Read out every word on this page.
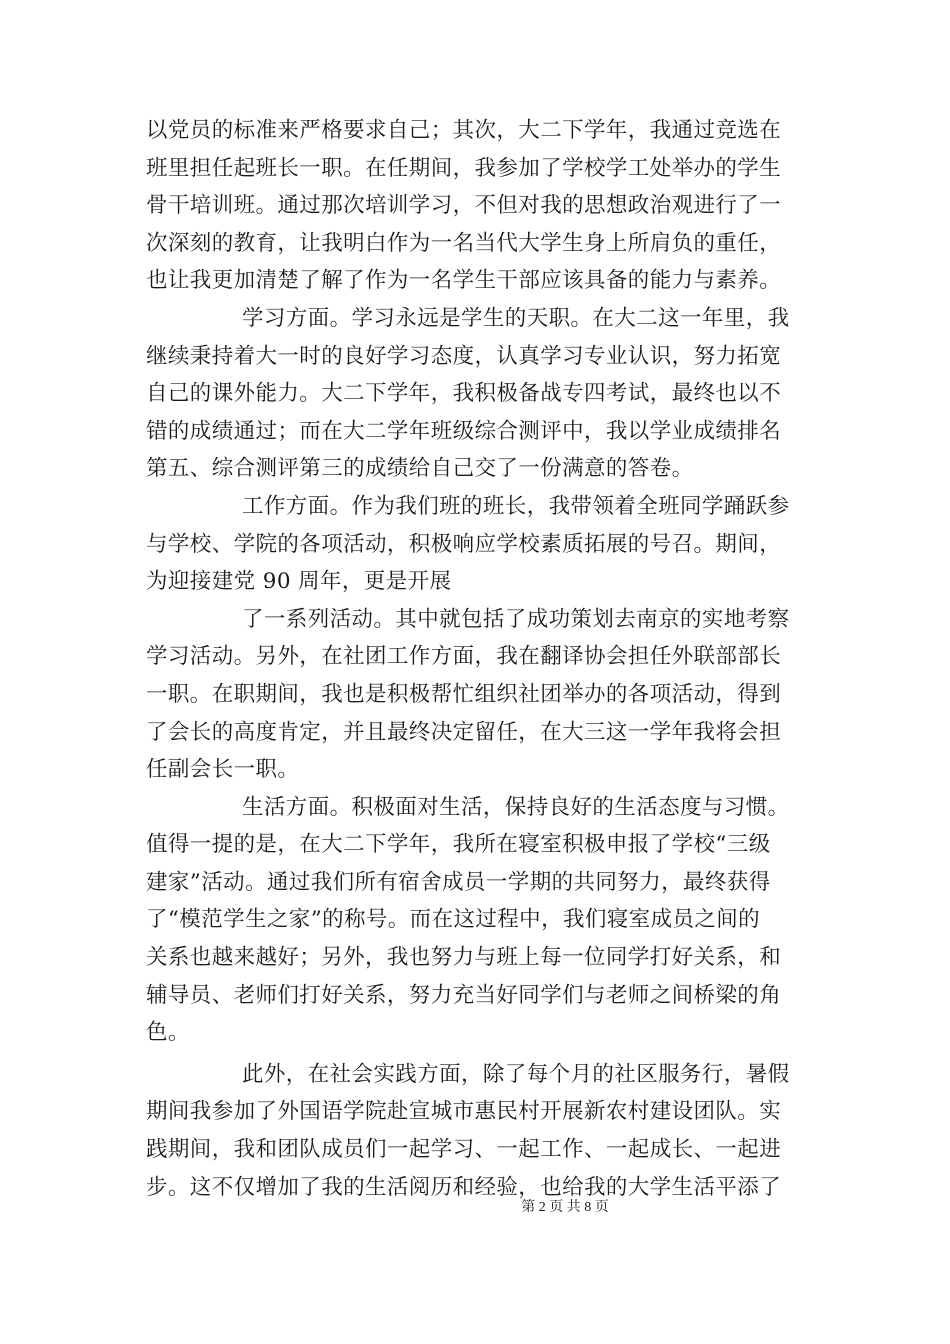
以党员的标准来严格要求自己；其次，大二下学年，我通过竞选在
班里担任起班长一职。在任期间，我参加了学校学工处举办的学生
骨干培训班。通过那次培训学习，不但对我的思想政治观进行了一
次深刻的教育，让我明白作为一名当代大学生身上所肩负的重任，
也让我更加清楚了解了作为一名学生干部应该具备的能力与素养。
学习方面。学习永远是学生的天职。在大二这一年里，我
继续秉持着大一时的良好学习态度，认真学习专业认识，努力拓宽
自己的课外能力。大二下学年，我积极备战专四考试，最终也以不
错的成绩通过；而在大二学年班级综合测评中，我以学业成绩排名
第五、综合测评第三的成绩给自己交了一份满意的答卷。
工作方面。作为我们班的班长，我带领着全班同学踊跃参
与学校、学院的各项活动，积极响应学校素质拓展的号召。期间，
为迎接建党 90 周年，更是开展
了一系列活动。其中就包括了成功策划去南京的实地考察
学习活动。另外，在社团工作方面，我在翻译协会担任外联部部长
一职。在职期间，我也是积极帮忙组织社团举办的各项活动，得到
了会长的高度肯定，并且最终决定留任，在大三这一学年我将会担
任副会长一职。
生活方面。积极面对生活，保持良好的生活态度与习惯。
值得一提的是，在大二下学年，我所在寝室积极申报了学校“三级
建家”活动。通过我们所有宿舍成员一学期的共同努力，最终获得
了“模范学生之家”的称号。而在这过程中，我们寝室成员之间的
关系也越来越好；另外，我也努力与班上每一位同学打好关系，和
辅导员、老师们打好关系，努力充当好同学们与老师之间桥梁的角
色。
此外，在社会实践方面，除了每个月的社区服务行，暑假
期间我参加了外国语学院赴宣城市惠民村开展新农村建设团队。实
践期间，我和团队成员们一起学习、一起工作、一起成长、一起进
步。这不仅增加了我的生活阅历和经验，也给我的大学生活平添了
第 2 页 共 8 页
